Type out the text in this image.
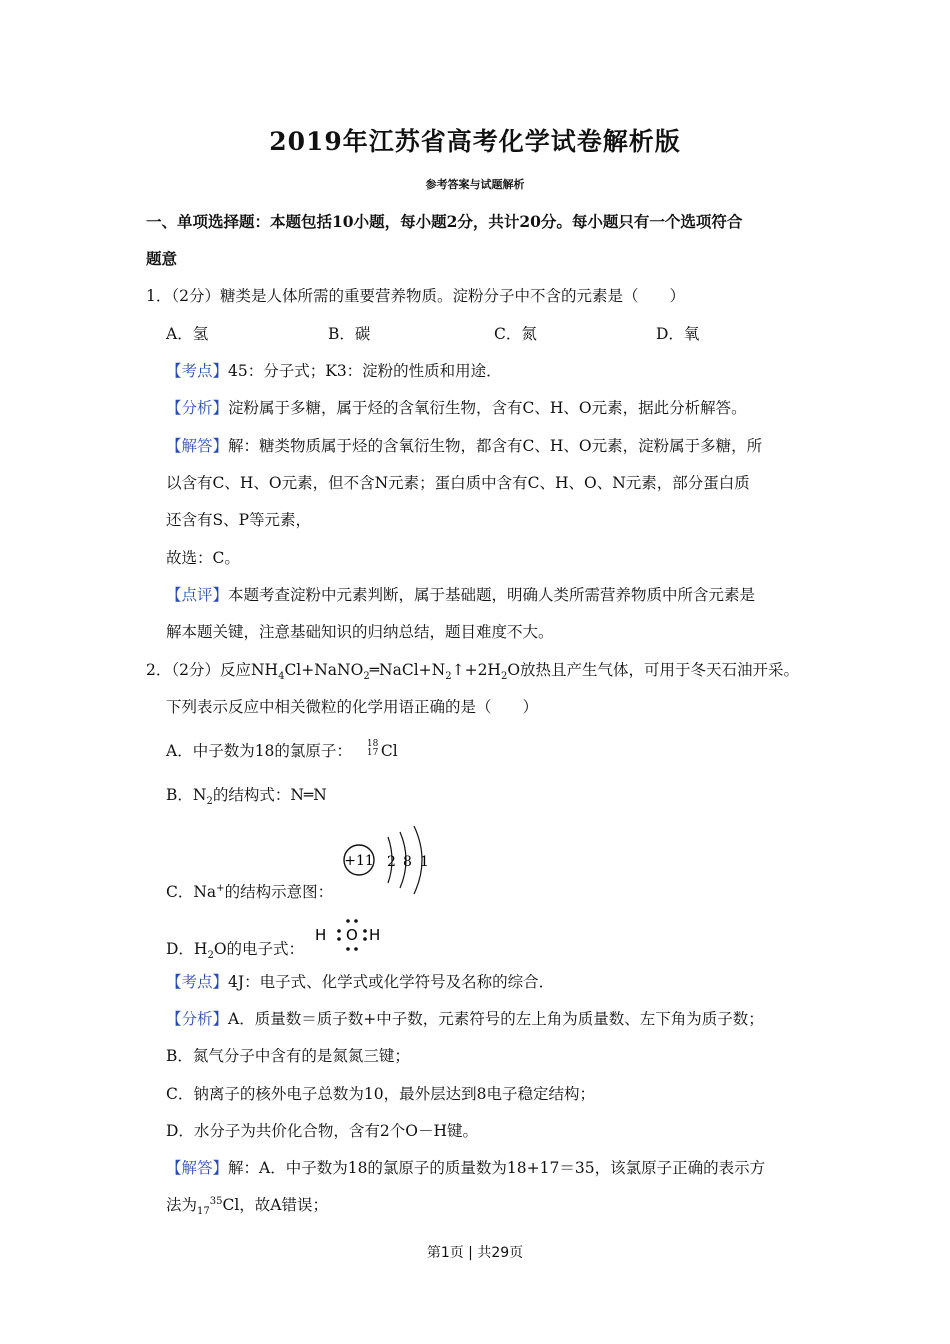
2019年江苏省高考化学试卷解析版
参考答案与试题解析
一、单项选择题：本题包括10小题，每小题2分，共计20分。每小题只有一个选项符合
题意
1．（2分）糖类是人体所需的重要营养物质。淀粉分子中不含的元素是（　　）
A．氢	B．碳	C．氮	D．氧
【考点】45：分子式；K3：淀粉的性质和用途．
【分析】淀粉属于多糖，属于烃的含氧衍生物，含有C、H、O元素，据此分析解答。
【解答】解：糖类物质属于烃的含氧衍生物，都含有C、H、O元素，淀粉属于多糖，所
以含有C、H、O元素，但不含N元素；蛋白质中含有C、H、O、N元素，部分蛋白质
还含有S、P等元素，
故选：C。
【点评】本题考查淀粉中元素判断，属于基础题，明确人类所需营养物质中所含元素是
解本题关键，注意基础知识的归纳总结，题目难度不大。
2．（2分）反应$NH_4Cl+NaNO_2═NaCl+N_2↑+2H_2O$放热且产生气体，可用于冬天石油开采。
下列表示反应中相关微粒的化学用语正确的是（　　）
A．中子数为18的氯原子： 18
17 Cl
B．$N_2$的结构式：N═N
+11 2 8 1
C．Na+的结构示意图：
D．$H_2O$的电子式：
H O H
【考点】4J：电子式、化学式或化学符号及名称的综合．
【分析】A．质量数＝质子数+中子数，元素符号的左上角为质量数、左下角为质子数；
B．氮气分子中含有的是氮氮三键；
C．钠离子的核外电子总数为10，最外层达到8电子稳定结构；
D．水分子为共价化合物，含有2个O－H键。
【解答】解：A．中子数为18的氯原子的质量数为18+17＝35，该氯原子正确的表示方
法为$_{17}^{35}$Cl，故A错误；
第1页 | 共29页
